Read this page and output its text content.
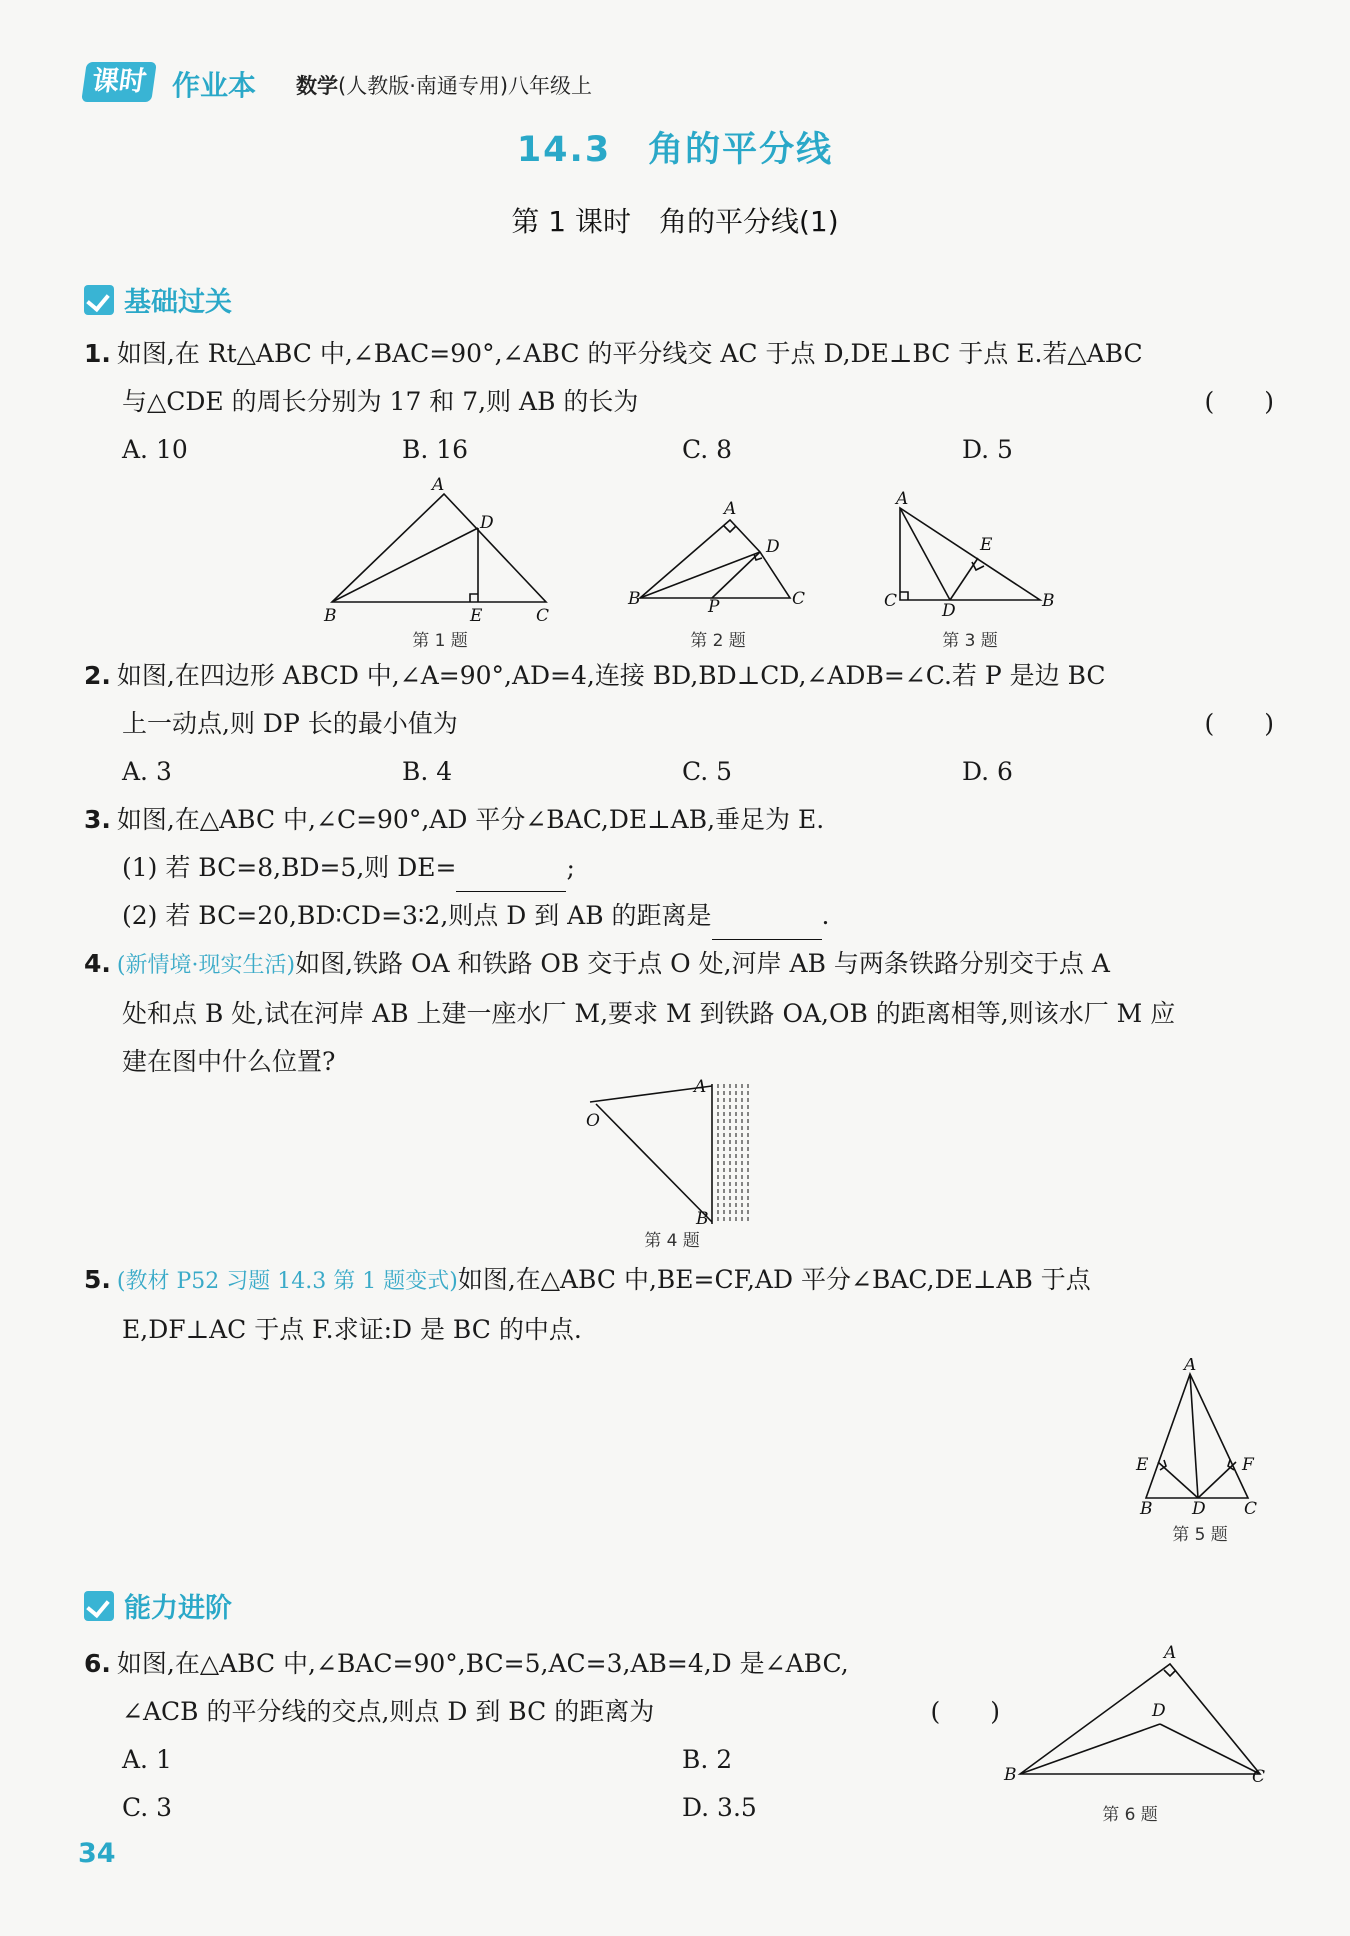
课时 作业本 数学(人教版·南通专用)八年级上
14.3　角的平分线
第 1 课时　角的平分线(1)
基础过关
1. 如图,在 Rt△ABC 中,∠BAC=90°,∠ABC 的平分线交 AC 于点 D,DE⊥BC 于点 E.若△ABC
与△CDE 的周长分别为 17 和 7,则 AB 的长为	(　　)
A. 10	B. 16	C. 8	D. 5
A
D
B	E	C
第 1 题
A
D
B	P	C
第 2 题
A
E
C	D	B
第 3 题
2. 如图,在四边形 ABCD 中,∠A=90°,AD=4,连接 BD,BD⊥CD,∠ADB=∠C.若 P 是边 BC
上一动点,则 DP 长的最小值为	(　　)
A. 3	B. 4	C. 5	D. 6
3. 如图,在△ABC 中,∠C=90°,AD 平分∠BAC,DE⊥AB,垂足为 E.
(1) 若 BC=8,BD=5,则 DE=	;
(2) 若 BC=20,BD∶CD=3∶2,则点 D 到 AB 的距离是	.
4. (新情境·现实生活)如图,铁路 OA 和铁路 OB 交于点 O 处,河岸 AB 与两条铁路分别交于点 A
处和点 B 处,试在河岸 AB 上建一座水厂 M,要求 M 到铁路 OA,OB 的距离相等,则该水厂 M 应
建在图中什么位置?
A
O
B
第 4 题
5. (教材 P52 习题 14.3 第 1 题变式)如图,在△ABC 中,BE=CF,AD 平分∠BAC,DE⊥AB 于点
E,DF⊥AC 于点 F.求证:D 是 BC 的中点.
A
E	F
B D C
第 5 题
能力进阶
6. 如图,在△ABC 中,∠BAC=90°,BC=5,AC=3,AB=4,D 是∠ABC,
∠ACB 的平分线的交点,则点 D 到 BC 的距离为	(　　)
A. 1	B. 2
C. 3	D. 3.5
A
D
B	C
第 6 题
34
